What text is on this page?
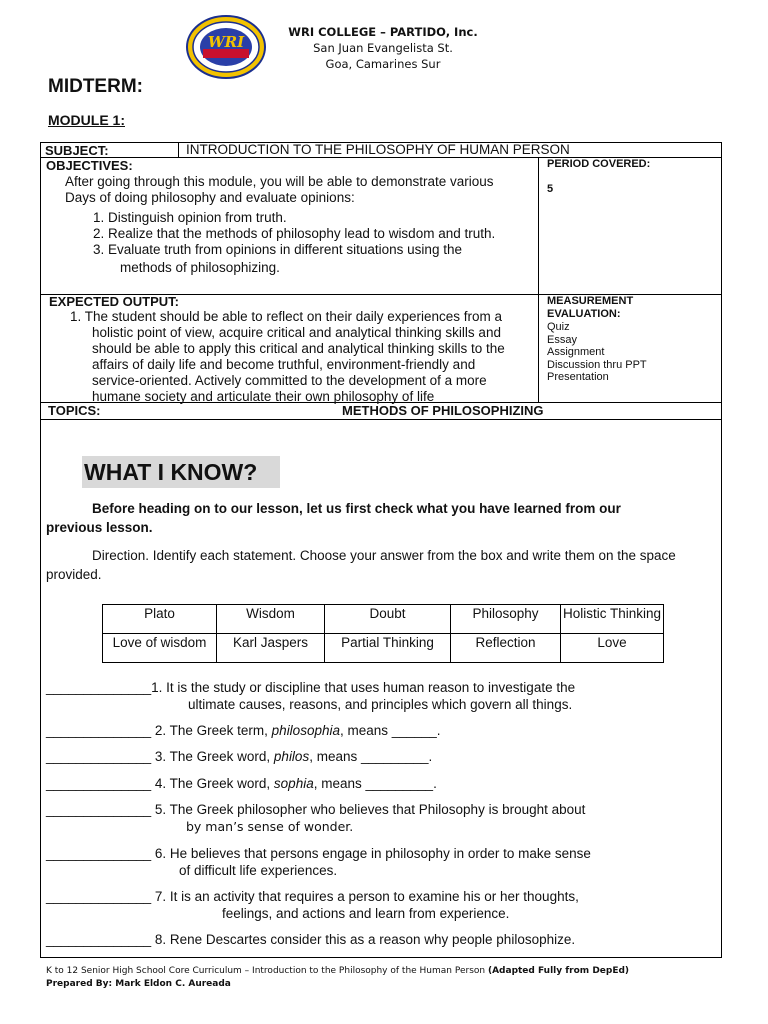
WRI
WRI COLLEGE – PARTIDO, Inc.
San Juan Evangelista St.
Goa, Camarines Sur
MIDTERM:
MODULE 1:
SUBJECT:	INTRODUCTION TO THE PHILOSOPHY OF HUMAN PERSON
OBJECTIVES:
After going through this module, you will be able to demonstrate various
Days of doing philosophy and evaluate opinions:
1. Distinguish opinion from truth.
2. Realize that the methods of philosophy lead to wisdom and truth.
3. Evaluate truth from opinions in different situations using the
methods of philosophizing.
PERIOD COVERED:
5
EXPECTED OUTPUT:
1. The student should be able to reflect on their daily experiences from a
holistic point of view, acquire critical and analytical thinking skills and
should be able to apply this critical and analytical thinking skills to the
affairs of daily life and become truthful, environment-friendly and
service-oriented. Actively committed to the development of a more
humane society and articulate their own philosophy of life
MEASUREMENT
EVALUATION:
Quiz
Essay
Assignment
Discussion thru PPT
Presentation
TOPICS:	METHODS OF PHILOSOPHIZING
WHAT I KNOW?
Before heading on to our lesson, let us first check what you have learned from our
previous lesson.
Direction. Identify each statement. Choose your answer from the box and write them on the space
provided.
Plato	Wisdom	Doubt	Philosophy	Holistic Thinking
Love of wisdom	Karl Jaspers	Partial Thinking	Reflection	Love
______________1. It is the study or discipline that uses human reason to investigate the
ultimate causes, reasons, and principles which govern all things.
______________ 2. The Greek term, philosophia, means ______.
______________ 3. The Greek word, philos, means _________.
______________ 4. The Greek word, sophia, means _________.
______________ 5. The Greek philosopher who believes that Philosophy is brought about
by man’s sense of wonder.
______________ 6. He believes that persons engage in philosophy in order to make sense
of difficult life experiences.
______________ 7. It is an activity that requires a person to examine his or her thoughts,
feelings, and actions and learn from experience.
______________ 8. Rene Descartes consider this as a reason why people philosophize.
K to 12 Senior High School Core Curriculum – Introduction to the Philosophy of the Human Person (Adapted Fully from DepEd)
Prepared By: Mark Eldon C. Aureada
